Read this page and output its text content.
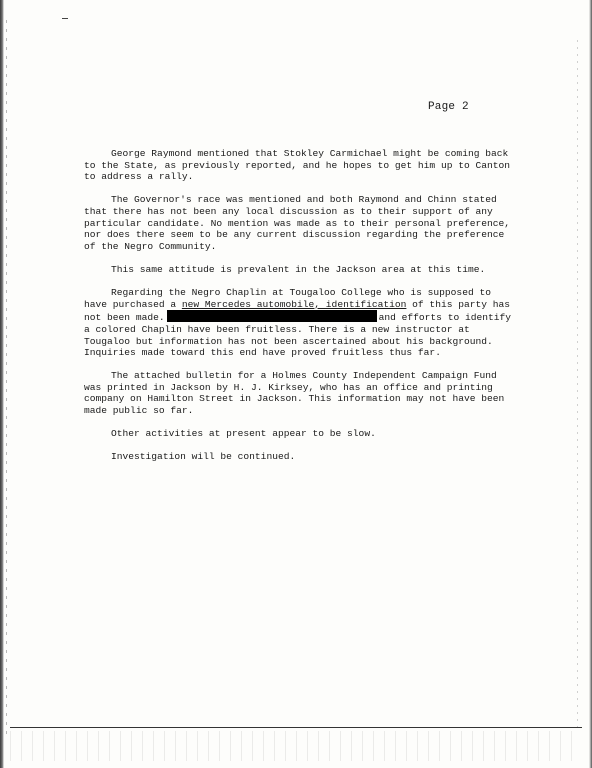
Page 2

George Raymond mentioned that Stokley Carmichael might be coming back to the State, as previously reported, and he hopes to get him up to Canton to address a rally.

The Governor's race was mentioned and both Raymond and Chinn stated that there has not been any local discussion as to their support of any particular candidate. No mention was made as to their personal preference, nor does there seem to be any current discussion regarding the preference of the Negro Community.

This same attitude is prevalent in the Jackson area at this time.

Regarding the Negro Chaplin at Tougaloo College who is supposed to have purchased a new Mercedes automobile, identification of this party has not been made.	and efforts to identify a colored Chaplin have been fruitless. There is a new instructor at Tougaloo but information has not been ascertained about his background. Inquiries made toward this end have proved fruitless thus far.

The attached bulletin for a Holmes County Independent Campaign Fund was printed in Jackson by H. J. Kirksey, who has an office and printing company on Hamilton Street in Jackson. This information may not have been made public so far.

Other activities at present appear to be slow.

Investigation will be continued.
